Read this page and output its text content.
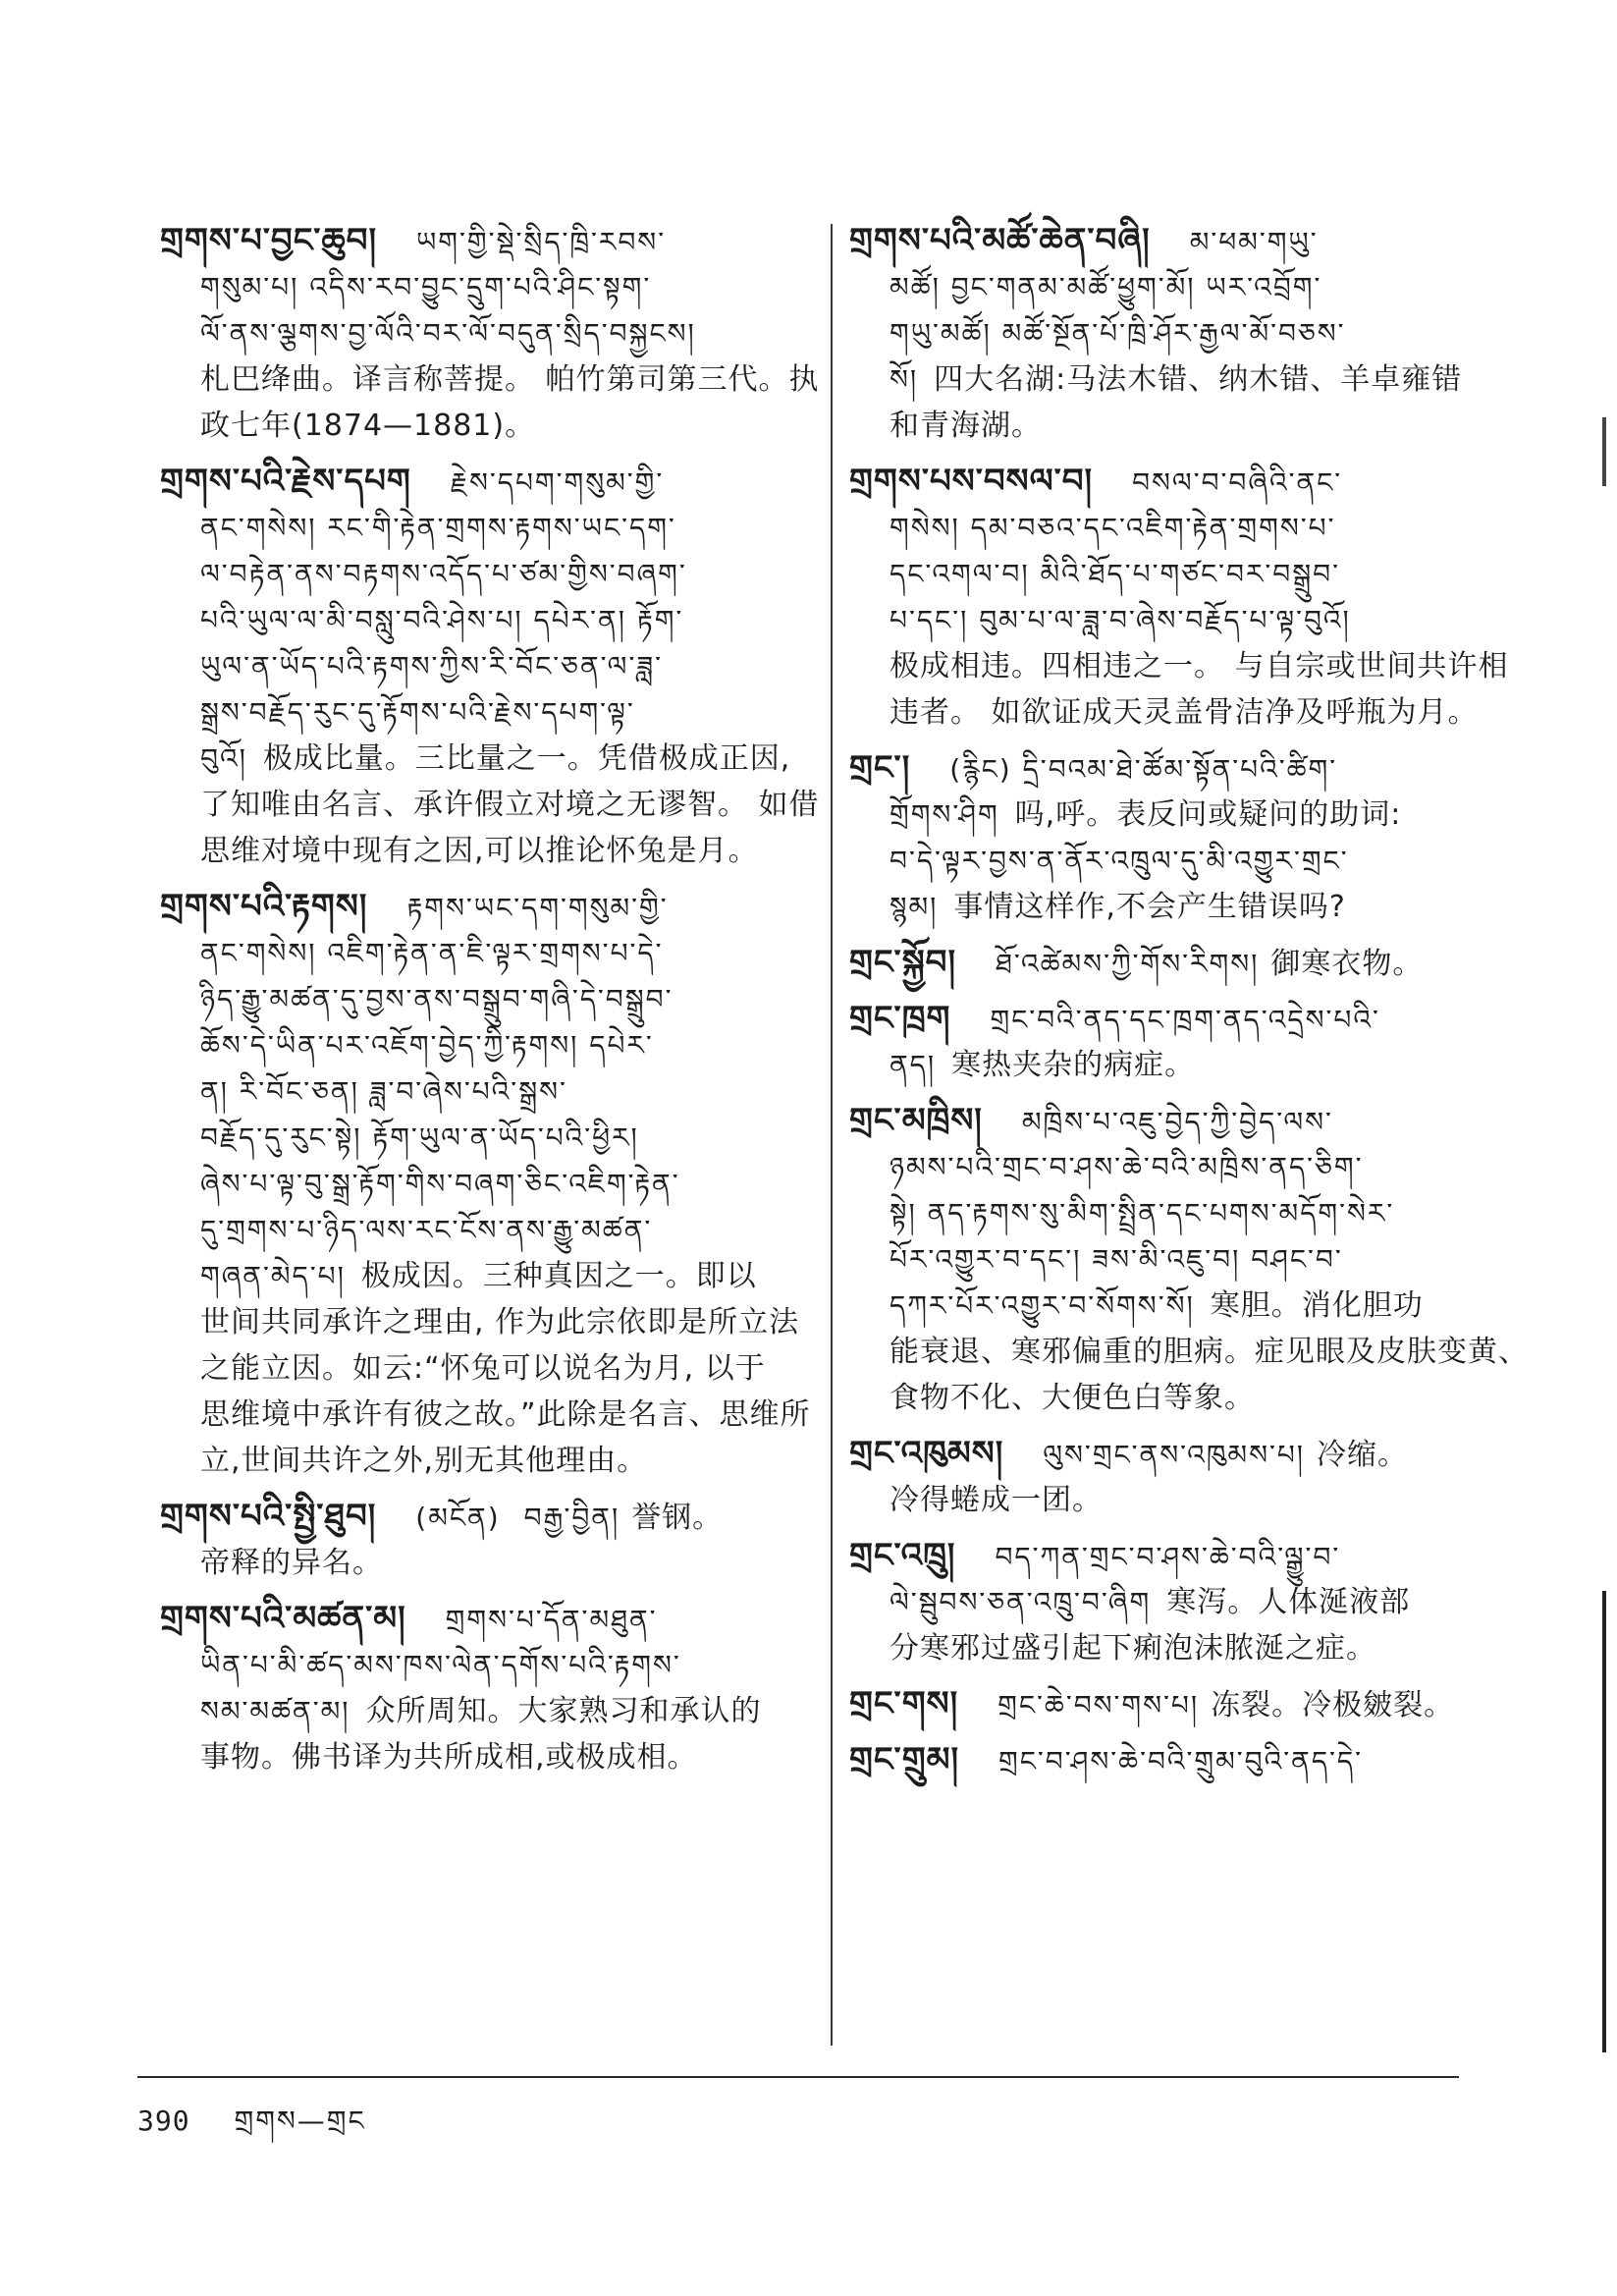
གྲགས་པ་བྱང་ཆུབ། ཡག་གྱི་སྡེ་སྲིད་ཁྲི་རབས་
གསུམ་པ། འདིས་རབ་བྱུང་དྲུག་པའི་ཤིང་སྟག་
ལོ་ནས་ལྕགས་བྱ་ལོའི་བར་ལོ་བདུན་སྲིད་བསྐྱངས།
札巴绛曲。译言称菩提。 帕竹第司第三代。执
政七年(1874—1881)。
གྲགས་པའི་རྗེས་དཔག རྗེས་དཔག་གསུམ་གྱི་
ནང་གསེས། རང་གི་རྟེན་གྲགས་རྟགས་ཡང་དག་
ལ་བརྟེན་ནས་བརྟགས་འདོད་པ་ཙམ་གྱིས་བཞག་
པའི་ཡུལ་ལ་མི་བསླུ་བའི་ཤེས་པ། དཔེར་ན། རྟོག་
ཡུལ་ན་ཡོད་པའི་རྟགས་ཀྱིས་རི་བོང་ཅན་ལ་ཟླ་
སྒྲས་བརྗོད་རུང་དུ་རྟོགས་པའི་རྗེས་དཔག་ལྟ་
བུའོ། 极成比量。三比量之一。凭借极成正因,
了知唯由名言、承许假立对境之无谬智。 如借
思维对境中现有之因,可以推论怀兔是月。
གྲགས་པའི་རྟགས། རྟགས་ཡང་དག་གསུམ་གྱི་
ནང་གསེས། འཇིག་རྟེན་ན་ཇི་ལྟར་གྲགས་པ་དེ་
ཉིད་རྒྱུ་མཚན་དུ་བྱས་ནས་བསྒྲུབ་གཞི་དེ་བསྒྲུབ་
ཆོས་དེ་ཡིན་པར་འཇོག་བྱེད་ཀྱི་རྟགས། དཔེར་
ན། རི་བོང་ཅན། ཟླ་བ་ཞེས་པའི་སྒྲས་
བརྗོད་དུ་རུང་སྟེ། རྟོག་ཡུལ་ན་ཡོད་པའི་ཕྱིར།
ཞེས་པ་ལྟ་བུ་སྒྲ་རྟོག་གིས་བཞག་ཅིང་འཇིག་རྟེན་
དུ་གྲགས་པ་ཉིད་ལས་རང་ངོས་ནས་རྒྱུ་མཚན་
གཞན་མེད་པ། 极成因。三种真因之一。即以
世间共同承许之理由, 作为此宗依即是所立法
之能立因。如云:“怀兔可以说名为月, 以于
思维境中承许有彼之故。”此除是名言、思维所
立,世间共许之外,别无其他理由。
གྲགས་པའི་སྤྱི་ཐུབ། (མངོན) བརྒྱ་བྱིན། 誉钢。
帝释的异名。
གྲགས་པའི་མཚན་མ། གྲགས་པ་དོན་མཐུན་
ཡིན་པ་མི་ཚད་མས་ཁས་ལེན་དགོས་པའི་རྟགས་
སམ་མཚན་མ། 众所周知。大家熟习和承认的
事物。佛书译为共所成相,或极成相。
གྲགས་པའི་མཚོ་ཆེན་བཞི། མ་ཕམ་གཡུ་
མཚོ། བྱང་གནམ་མཚོ་ཕྱུག་མོ། ཡར་འབྲོག་
གཡུ་མཚོ། མཚོ་སྔོན་པོ་ཁྲི་ཤོར་རྒྱལ་མོ་བཅས་
སོ། 四大名湖:马法木错、纳木错、羊卓雍错
和青海湖。
གྲགས་པས་བསལ་བ། བསལ་བ་བཞིའི་ནང་
གསེས། དམ་བཅའ་དང་འཇིག་རྟེན་གྲགས་པ་
དང་འགལ་བ། མིའི་ཐོད་པ་གཙང་བར་བསྒྲུབ་
པ་དང་། བུམ་པ་ལ་ཟླ་བ་ཞེས་བརྗོད་པ་ལྟ་བུའོ།
极成相违。四相违之一。 与自宗或世间共许相
违者。 如欲证成天灵盖骨洁净及呼瓶为月。
གྲང་། (རྙིང) དྲི་བའམ་ཐེ་ཚོམ་སྟོན་པའི་ཚིག་
གྲོགས་ཤིག 吗,呼。表反问或疑问的助词:
བ་དེ་ལྟར་བྱས་ན་ནོར་འཁྲུལ་དུ་མི་འགྱུར་གྲང་
སྙམ། 事情这样作,不会产生错误吗?
གྲང་སྐྱོབ། ཐོ་འཚེམས་ཀྱི་གོས་རིགས། 御寒衣物。
གྲང་ཁྲག གྲང་བའི་ནད་དང་ཁྲག་ནད་འདྲེས་པའི་
ནད། 寒热夹杂的病症。
གྲང་མཁྲིས། མཁྲིས་པ་འཇུ་བྱེད་ཀྱི་བྱེད་ལས་
ཉམས་པའི་གྲང་བ་ཤས་ཆེ་བའི་མཁྲིས་ནད་ཅིག་
སྟེ། ནད་རྟགས་སུ་མིག་སྤྲིན་དང་པགས་མདོག་སེར་
པོར་འགྱུར་བ་དང་། ཟས་མི་འཇུ་བ། བཤང་བ་
དཀར་པོར་འགྱུར་བ་སོགས་སོ། 寒胆。消化胆功
能衰退、寒邪偏重的胆病。症见眼及皮肤变黄、
食物不化、大便色白等象。
གྲང་འཁུམས། ལུས་གྲང་ནས་འཁུམས་པ། 冷缩。
冷得蜷成一团。
གྲང་འཁྲུ། བད་ཀན་གྲང་བ་ཤས་ཆེ་བའི་ལྒྱུ་བ་
ལེ་སྦུབས་ཅན་འཁྲུ་བ་ཞིག 寒泻。人体涎液部
分寒邪过盛引起下痢泡沫脓涎之症。
གྲང་གས། གྲང་ཆེ་བས་གས་པ། 冻裂。冷极皴裂。
གྲང་གྲུམ། གྲང་བ་ཤས་ཆེ་བའི་གྲུམ་བུའི་ནད་དེ་
390 གྲགས—གྲང
